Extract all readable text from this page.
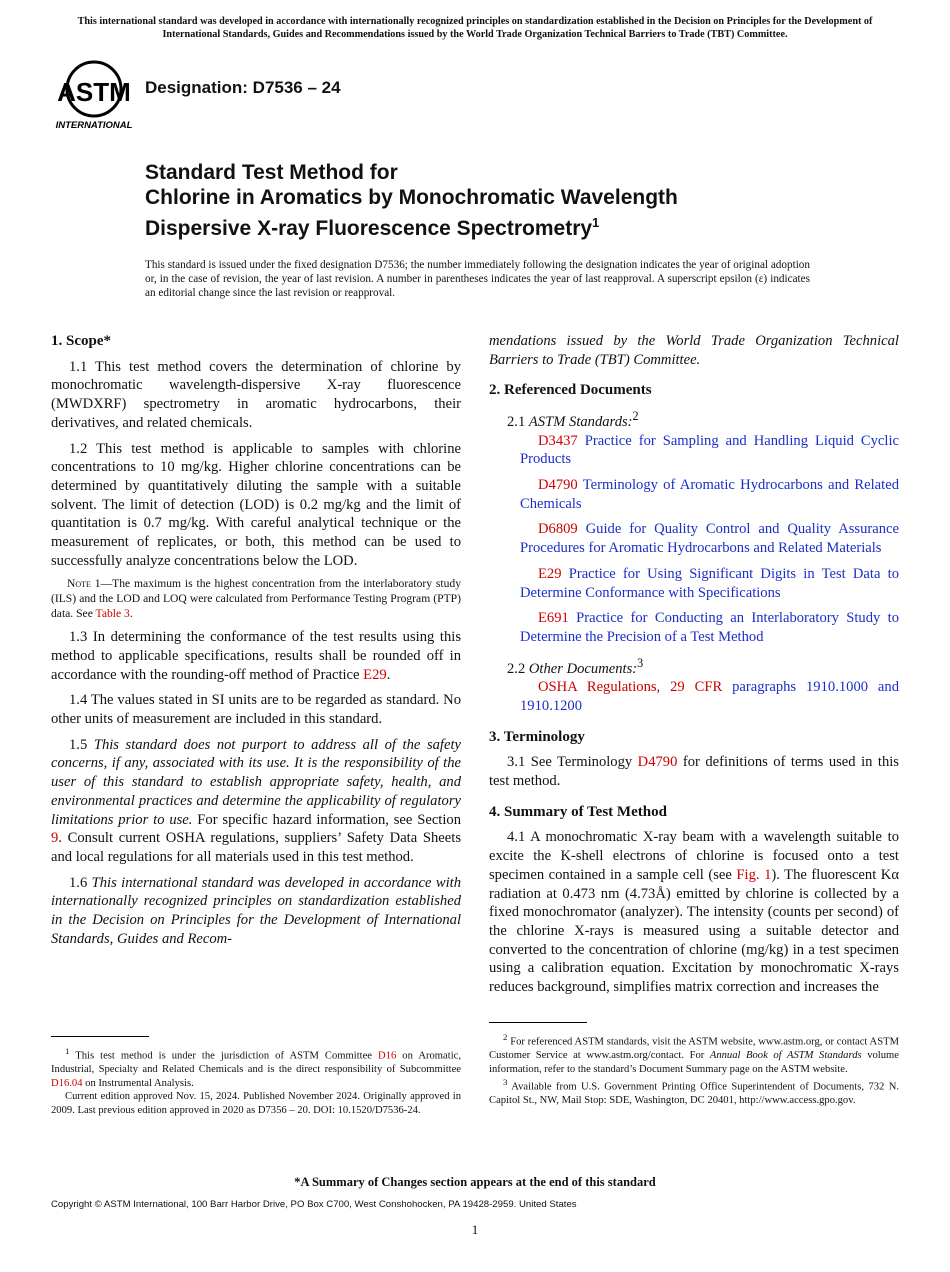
This international standard was developed in accordance with internationally recognized principles on standardization established in the Decision on Principles for the Development of International Standards, Guides and Recommendations issued by the World Trade Organization Technical Barriers to Trade (TBT) Committee.
ASTM
INTERNATIONAL
Designation: D7536 – 24
Standard Test Method for
Chlorine in Aromatics by Monochromatic Wavelength
Dispersive X-ray Fluorescence Spectrometry$^1$
This standard is issued under the fixed designation D7536; the number immediately following the designation indicates the year of original adoption or, in the case of revision, the year of last revision. A number in parentheses indicates the year of last reapproval. A superscript epsilon (ε) indicates an editorial change since the last revision or reapproval.
1. Scope*

1.1 This test method covers the determination of chlorine by monochromatic wavelength-dispersive X-ray fluorescence (MWDXRF) spectrometry in aromatic hydrocarbons, their derivatives, and related chemicals.

1.2 This test method is applicable to samples with chlorine concentrations to 10 mg/kg. Higher chlorine concentrations can be determined by quantitatively diluting the sample with a suitable solvent. The limit of detection (LOD) is 0.2 mg/kg and the limit of quantitation is 0.7 mg/kg. With careful analytical technique or the measurement of replicates, or both, this method can be used to successfully analyze concentrations below the LOD.

Note 1—The maximum is the highest concentration from the interlaboratory study (ILS) and the LOD and LOQ were calculated from Performance Testing Program (PTP) data. See Table 3.

1.3 In determining the conformance of the test results using this method to applicable specifications, results shall be rounded off in accordance with the rounding-off method of Practice E29.

1.4 The values stated in SI units are to be regarded as standard. No other units of measurement are included in this standard.

1.5 This standard does not purport to address all of the safety concerns, if any, associated with its use. It is the responsibility of the user of this standard to establish appropriate safety, health, and environmental practices and determine the applicability of regulatory limitations prior to use. For specific hazard information, see Section 9. Consult current OSHA regulations, suppliers’ Safety Data Sheets and local regulations for all materials used in this test method.

1.6 This international standard was developed in accordance with internationally recognized principles on standardization established in the Decision on Principles for the Development of International Standards, Guides and Recom-

mendations issued by the World Trade Organization Technical Barriers to Trade (TBT) Committee.

2. Referenced Documents

2.1 ASTM Standards:$^2$

D3437 Practice for Sampling and Handling Liquid Cyclic Products

D4790 Terminology of Aromatic Hydrocarbons and Related Chemicals

D6809 Guide for Quality Control and Quality Assurance Procedures for Aromatic Hydrocarbons and Related Materials

E29 Practice for Using Significant Digits in Test Data to Determine Conformance with Specifications

E691 Practice for Conducting an Interlaboratory Study to Determine the Precision of a Test Method

2.2 Other Documents:$^3$

OSHA Regulations, 29 CFR paragraphs 1910.1000 and 1910.1200

3. Terminology

3.1 See Terminology D4790 for definitions of terms used in this test method.

4. Summary of Test Method

4.1 A monochromatic X-ray beam with a wavelength suitable to excite the K-shell electrons of chlorine is focused onto a test specimen contained in a sample cell (see Fig. 1). The fluorescent Kα radiation at 0.473 nm (4.73Å) emitted by chlorine is collected by a fixed monochromator (analyzer). The intensity (counts per second) of the chlorine X-rays is measured using a suitable detector and converted to the concentration of chlorine (mg/kg) in a test specimen using a calibration equation. Excitation by monochromatic X-rays reduces background, simplifies matrix correction and increases the

$^1$ This test method is under the jurisdiction of ASTM Committee D16 on Aromatic, Industrial, Specialty and Related Chemicals and is the direct responsibility of Subcommittee D16.04 on Instrumental Analysis.

Current edition approved Nov. 15, 2024. Published November 2024. Originally approved in 2009. Last previous edition approved in 2020 as D7356 – 20. DOI: 10.1520/D7536-24.

$^2$ For referenced ASTM standards, visit the ASTM website, www.astm.org, or contact ASTM Customer Service at www.astm.org/contact. For Annual Book of ASTM Standards volume information, refer to the standard’s Document Summary page on the ASTM website.

$^3$ Available from U.S. Government Printing Office Superintendent of Documents, 732 N. Capitol St., NW, Mail Stop: SDE, Washington, DC 20401, http://www.access.gpo.gov.

*A Summary of Changes section appears at the end of this standard
Copyright © ASTM International, 100 Barr Harbor Drive, PO Box C700, West Conshohocken, PA 19428-2959. United States
1
